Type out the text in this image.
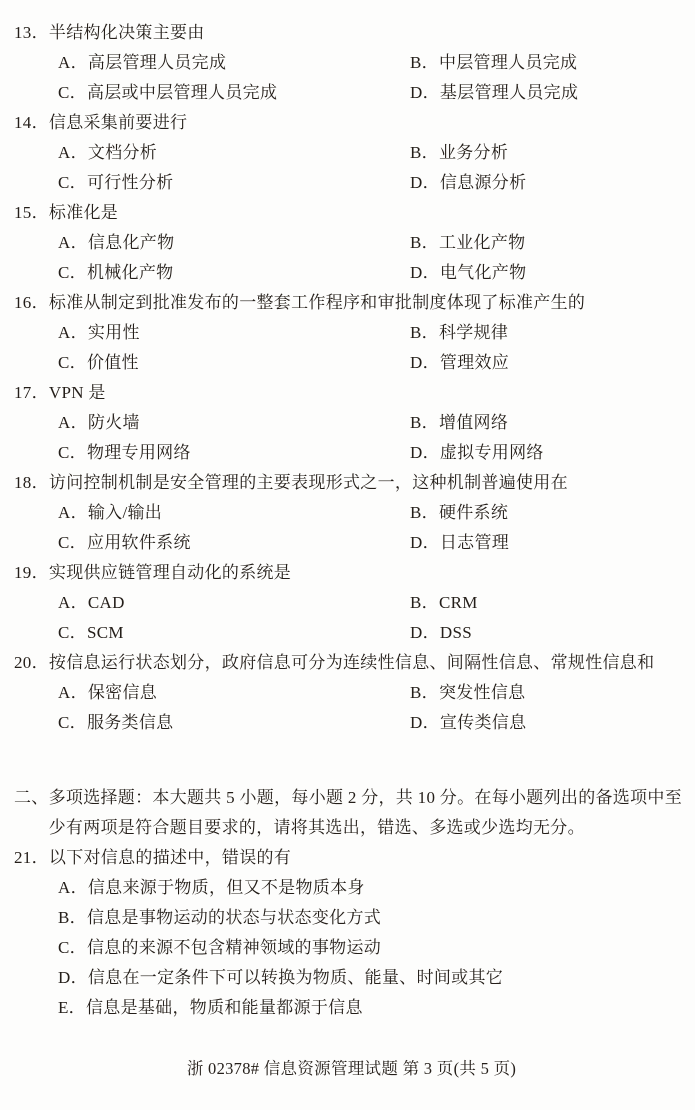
13． 半结构化决策主要由
A．高层管理人员完成	B．中层管理人员完成
C．高层或中层管理人员完成	D．基层管理人员完成
14． 信息采集前要进行
A．文档分析	B．业务分析
C．可行性分析	D．信息源分析
15． 标准化是
A．信息化产物	B．工业化产物
C．机械化产物	D．电气化产物
16． 标准从制定到批准发布的一整套工作程序和审批制度体现了标准产生的
A．实用性	B．科学规律
C．价值性	D．管理效应
17． VPN 是
A．防火墙	B．增值网络
C．物理专用网络	D．虚拟专用网络
18． 访问控制机制是安全管理的主要表现形式之一，这种机制普遍使用在
A．输入/输出	B．硬件系统
C．应用软件系统	D．日志管理
19． 实现供应链管理自动化的系统是
A．CAD	B．CRM
C．SCM	D．DSS
20． 按信息运行状态划分，政府信息可分为连续性信息、间隔性信息、常规性信息和
A．保密信息	B．突发性信息
C．服务类信息	D．宣传类信息
二、 多项选择题：本大题共 5 小题，每小题 2 分，共 10 分。在每小题列出的备选项中至少有两项是符合题目要求的，请将其选出，错选、多选或少选均无分。
21． 以下对信息的描述中，错误的有
A．信息来源于物质，但又不是物质本身
B．信息是事物运动的状态与状态变化方式
C．信息的来源不包含精神领域的事物运动
D．信息在一定条件下可以转换为物质、能量、时间或其它
E．信息是基础，物质和能量都源于信息
浙 02378# 信息资源管理试题 第 3 页(共 5 页)
